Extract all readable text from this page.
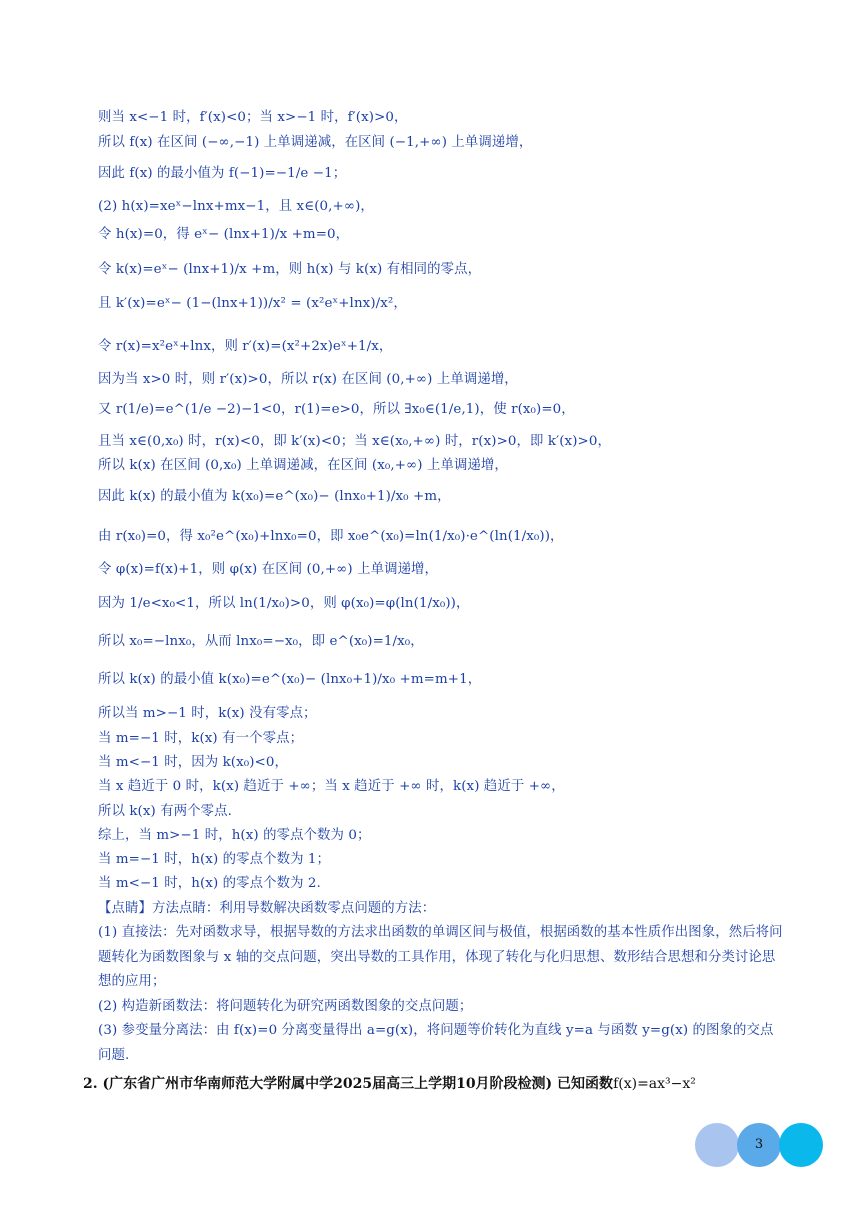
则当 x<−1 时，f′(x)<0；当 x>−1 时，f′(x)>0，
所以 f(x) 在区间 (−∞,−1) 上单调递减，在区间 (−1,+∞) 上单调递增，
因此 f(x) 的最小值为 f(−1)=−1/e −1；
(2) h(x)=xeˣ−lnx+mx−1，且 x∈(0,+∞)，
令 h(x)=0，得 eˣ− (lnx+1)/x +m=0，
令 k(x)=eˣ− (lnx+1)/x +m，则 h(x) 与 k(x) 有相同的零点，
且 k′(x)=eˣ− (1−(lnx+1))/x² = (x²eˣ+lnx)/x²，
令 r(x)=x²eˣ+lnx，则 r′(x)=(x²+2x)eˣ+1/x，
因为当 x>0 时，则 r′(x)>0，所以 r(x) 在区间 (0,+∞) 上单调递增，
又 r(1/e)=e^(1/e −2)−1<0，r(1)=e>0，所以 ∃x₀∈(1/e,1)，使 r(x₀)=0，
且当 x∈(0,x₀) 时，r(x)<0，即 k′(x)<0；当 x∈(x₀,+∞) 时，r(x)>0，即 k′(x)>0，
所以 k(x) 在区间 (0,x₀) 上单调递减，在区间 (x₀,+∞) 上单调递增，
因此 k(x) 的最小值为 k(x₀)=e^(x₀)− (lnx₀+1)/x₀ +m，
由 r(x₀)=0，得 x₀²e^(x₀)+lnx₀=0，即 x₀e^(x₀)=ln(1/x₀)·e^(ln(1/x₀))，
令 φ(x)=f(x)+1，则 φ(x) 在区间 (0,+∞) 上单调递增，
因为 1/e<x₀<1，所以 ln(1/x₀)>0，则 φ(x₀)=φ(ln(1/x₀))，
所以 x₀=−lnx₀，从而 lnx₀=−x₀，即 e^(x₀)=1/x₀，
所以 k(x) 的最小值 k(x₀)=e^(x₀)− (lnx₀+1)/x₀ +m=m+1，
所以当 m>−1 时，k(x) 没有零点；
当 m=−1 时，k(x) 有一个零点；
当 m<−1 时，因为 k(x₀)<0，
当 x 趋近于 0 时，k(x) 趋近于 +∞；当 x 趋近于 +∞ 时，k(x) 趋近于 +∞，
所以 k(x) 有两个零点.
综上，当 m>−1 时，h(x) 的零点个数为 0；
当 m=−1 时，h(x) 的零点个数为 1；
当 m<−1 时，h(x) 的零点个数为 2.
【点睛】方法点睛：利用导数解决函数零点问题的方法：
(1) 直接法：先对函数求导，根据导数的方法求出函数的单调区间与极值，根据函数的基本性质作出图象，然后将问题转化为函数图象与 x 轴的交点问题，突出导数的工具作用，体现了转化与化归思想、数形结合思想和分类讨论思想的应用；
(2) 构造新函数法：将问题转化为研究两函数图象的交点问题；
(3) 参变量分离法：由 f(x)=0 分离变量得出 a=g(x)，将问题等价转化为直线 y=a 与函数 y=g(x) 的图象的交点问题.
2. (广东省广州市华南师范大学附属中学2025届高三上学期10月阶段检测) 已知函数f(x)=ax³−x²
3
